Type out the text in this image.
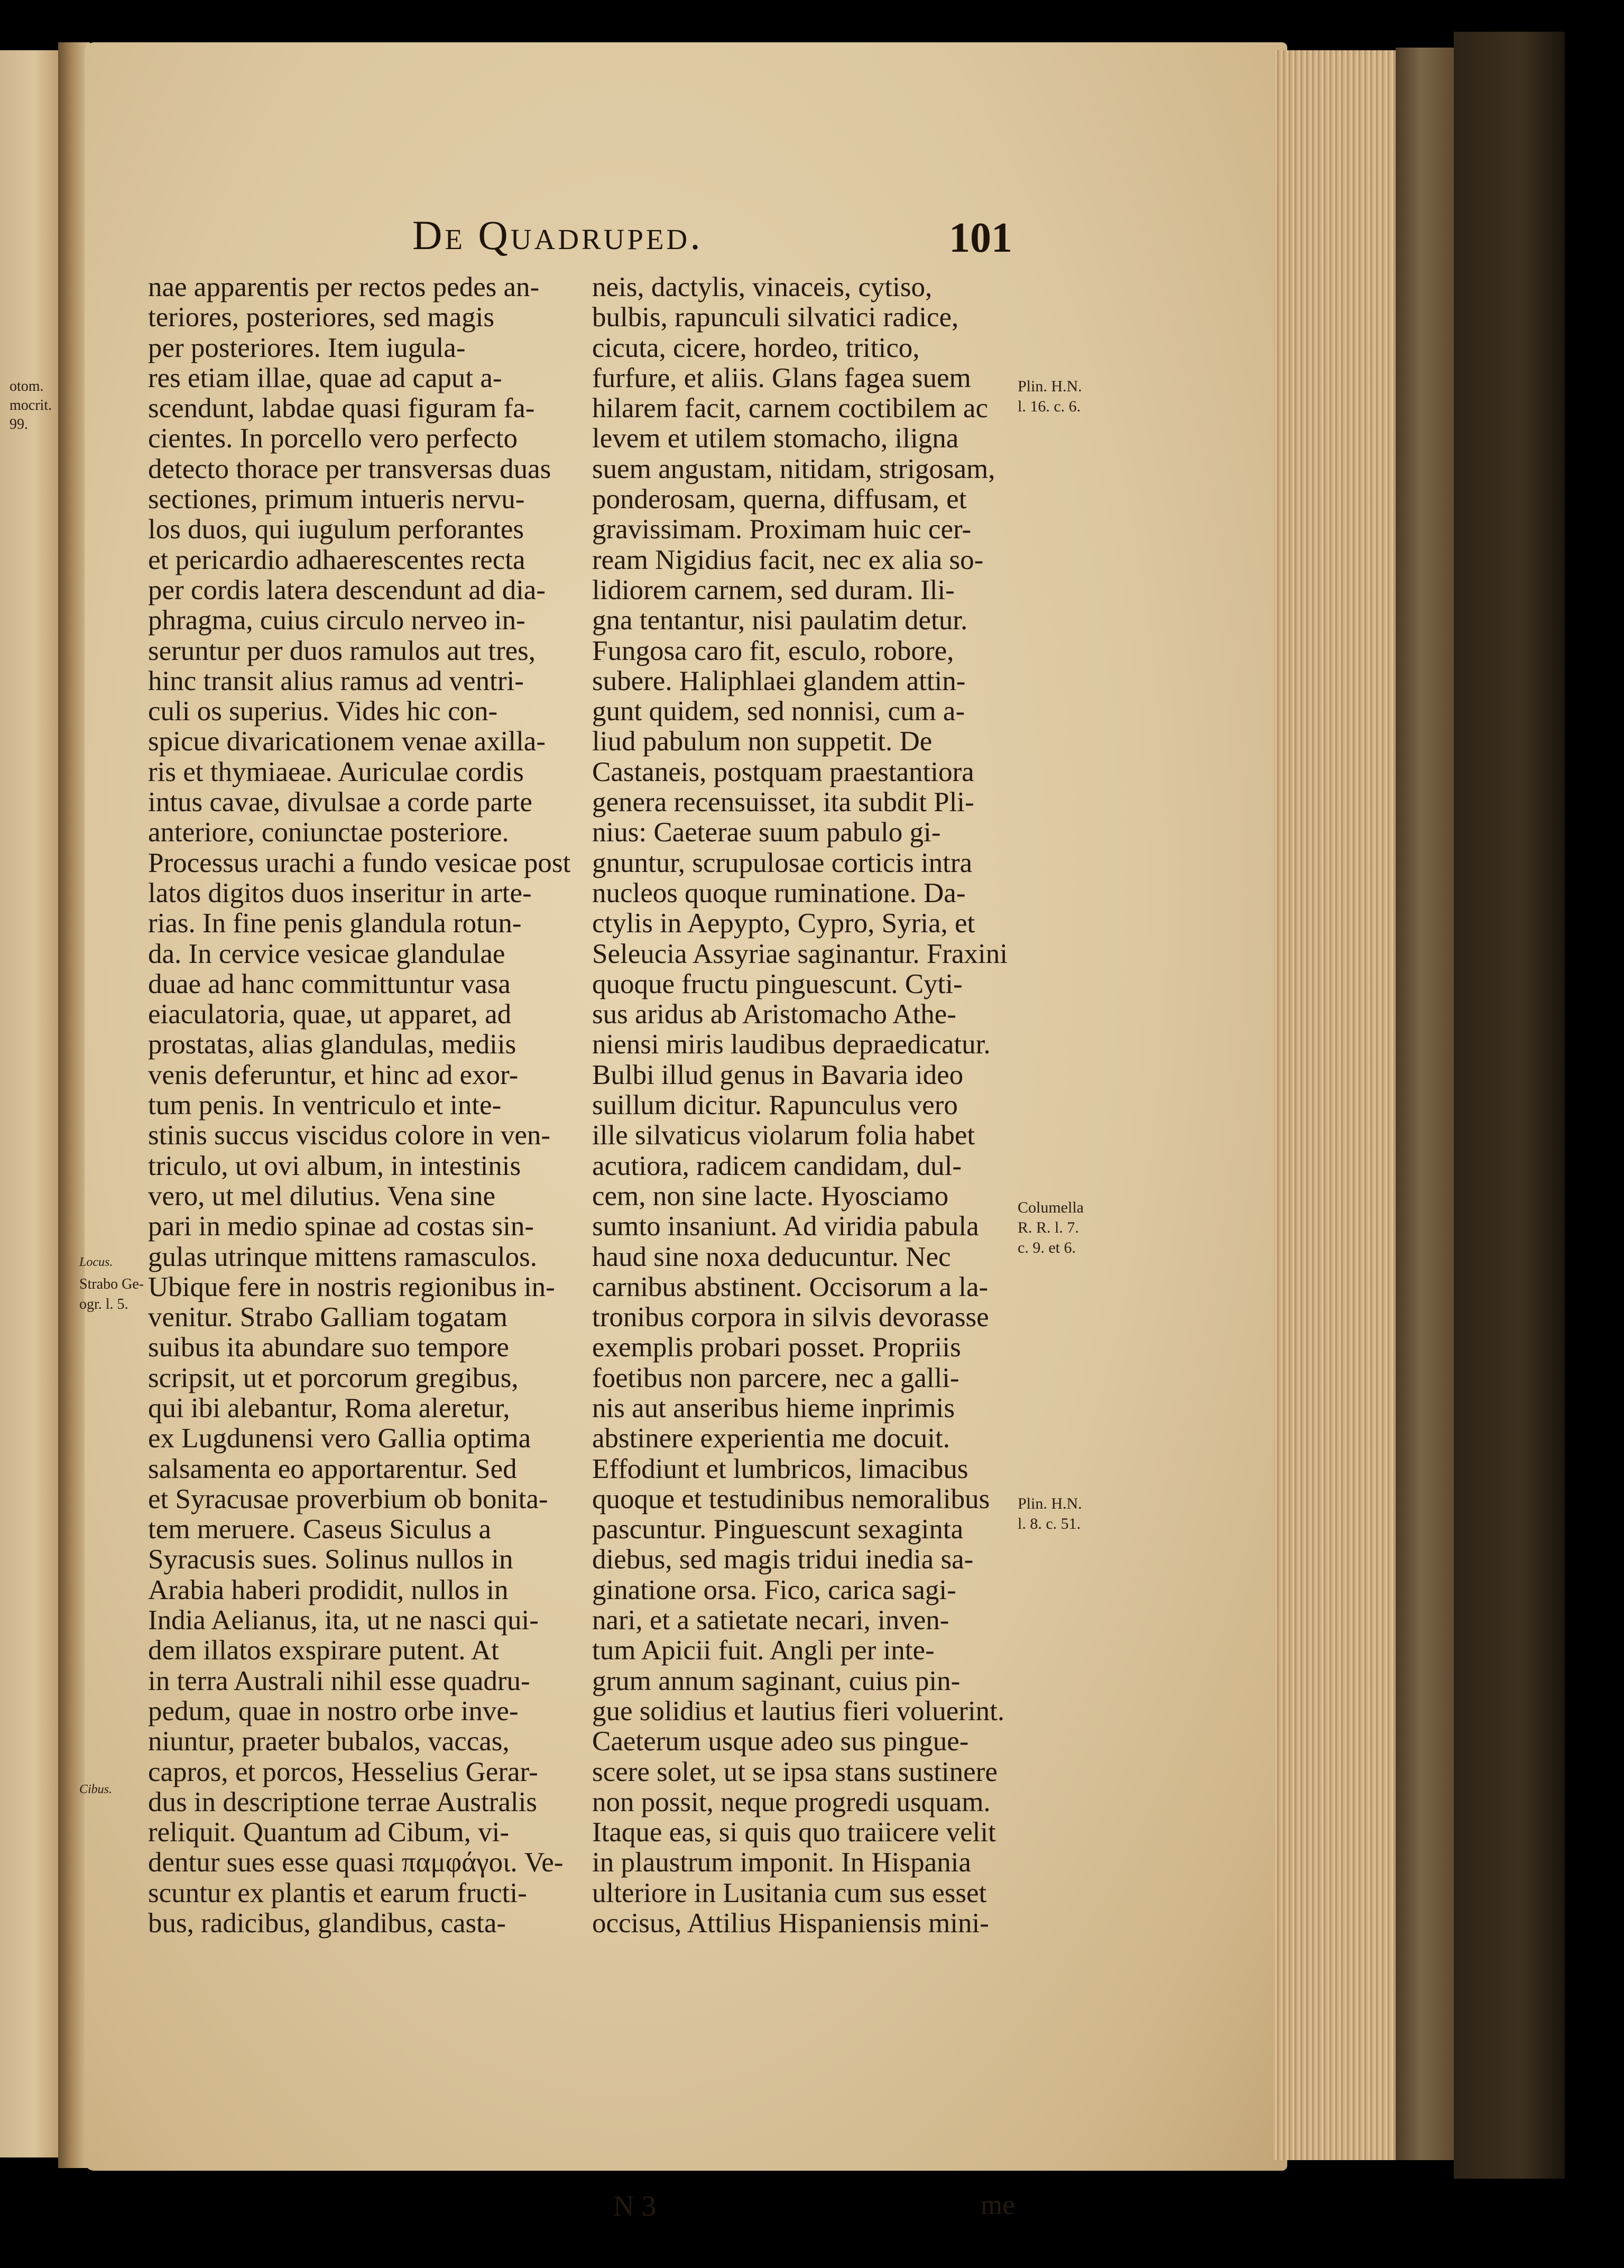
otom.
mocrit.
99.
De Quadruped.	101
nae apparentis per rectos pedes an-
teriores, posteriores, sed magis
per posteriores. Item iugula-
res etiam illae, quae ad caput a-
scendunt, labdae quasi figuram fa-
cientes. In porcello vero perfecto
detecto thorace per transversas duas
sectiones, primum intueris nervu-
los duos, qui iugulum perforantes
et pericardio adhaerescentes recta
per cordis latera descendunt ad dia-
phragma, cuius circulo nerveo in-
seruntur per duos ramulos aut tres,
hinc transit alius ramus ad ventri-
culi os superius. Vides hic con-
spicue divaricationem venae axilla-
ris et thymiaeae. Auriculae cordis
intus cavae, divulsae a corde parte
anteriore, coniunctae posteriore.
Processus urachi a fundo vesicae post
latos digitos duos inseritur in arte-
rias. In fine penis glandula rotun-
da. In cervice vesicae glandulae
duae ad hanc committuntur vasa
eiaculatoria, quae, ut apparet, ad
prostatas, alias glandulas, mediis
venis deferuntur, et hinc ad exor-
tum penis. In ventriculo et inte-
stinis succus viscidus colore in ven-
triculo, ut ovi album, in intestinis
vero, ut mel dilutius. Vena sine
pari in medio spinae ad costas sin-
gulas utrinque mittens ramasculos.
Ubique fere in nostris regionibus in-
venitur. Strabo Galliam togatam
suibus ita abundare suo tempore
scripsit, ut et porcorum gregibus,
qui ibi alebantur, Roma aleretur,
ex Lugdunensi vero Gallia optima
salsamenta eo apportarentur. Sed
et Syracusae proverbium ob bonita-
tem meruere. Caseus Siculus a
Syracusis sues. Solinus nullos in
Arabia haberi prodidit, nullos in
India Aelianus, ita, ut ne nasci qui-
dem illatos exspirare putent. At
in terra Australi nihil esse quadru-
pedum, quae in nostro orbe inve-
niuntur, praeter bubalos, vaccas,
capros, et porcos, Hesselius Gerar-
dus in descriptione terrae Australis
reliquit. Quantum ad Cibum, vi-
dentur sues esse quasi παμφάγοι. Ve-
scuntur ex plantis et earum fructi-
bus, radicibus, glandibus, casta-
neis, dactylis, vinaceis, cytiso,
bulbis, rapunculi silvatici radice,
cicuta, cicere, hordeo, tritico,
furfure, et aliis. Glans fagea suem
hilarem facit, carnem coctibilem ac
levem et utilem stomacho, iligna
suem angustam, nitidam, strigosam,
ponderosam, querna, diffusam, et
gravissimam. Proximam huic cer-
ream Nigidius facit, nec ex alia so-
lidiorem carnem, sed duram. Ili-
gna tentantur, nisi paulatim detur.
Fungosa caro fit, esculo, robore,
subere. Haliphlaei glandem attin-
gunt quidem, sed nonnisi, cum a-
liud pabulum non suppetit. De
Castaneis, postquam praestantiora
genera recensuisset, ita subdit Pli-
nius: Caeterae suum pabulo gi-
gnuntur, scrupulosae corticis intra
nucleos quoque ruminatione. Da-
ctylis in Aepypto, Cypro, Syria, et
Seleucia Assyriae saginantur. Fraxini
quoque fructu pinguescunt. Cyti-
sus aridus ab Aristomacho Athe-
niensi miris laudibus depraedicatur.
Bulbi illud genus in Bavaria ideo
suillum dicitur. Rapunculus vero
ille silvaticus violarum folia habet
acutiora, radicem candidam, dul-
cem, non sine lacte. Hyosciamo
sumto insaniunt. Ad viridia pabula
haud sine noxa deducuntur. Nec
carnibus abstinent. Occisorum a la-
tronibus corpora in silvis devorasse
exemplis probari posset. Propriis
foetibus non parcere, nec a galli-
nis aut anseribus hieme inprimis
abstinere experientia me docuit.
Effodiunt et lumbricos, limacibus
quoque et testudinibus nemoralibus
pascuntur. Pinguescunt sexaginta
diebus, sed magis tridui inedia sa-
ginatione orsa. Fico, carica sagi-
nari, et a satietate necari, inven-
tum Apicii fuit. Angli per inte-
grum annum saginant, cuius pin-
gue solidius et lautius fieri voluerint.
Caeterum usque adeo sus pingue-
scere solet, ut se ipsa stans sustinere
non possit, neque progredi usquam.
Itaque eas, si quis quo traiicere velit
in plaustrum imponit. In Hispania
ulteriore in Lusitania cum sus esset
occisus, Attilius Hispaniensis mini-
Locus.
Strabo Ge-
ogr. l. 5.
Cibus.
Plin. H.N.
l. 16. c. 6.
Columella
R. R. l. 7.
c. 9. et 6.
Plin. H.N.
l. 8. c. 51.
N 3	me
